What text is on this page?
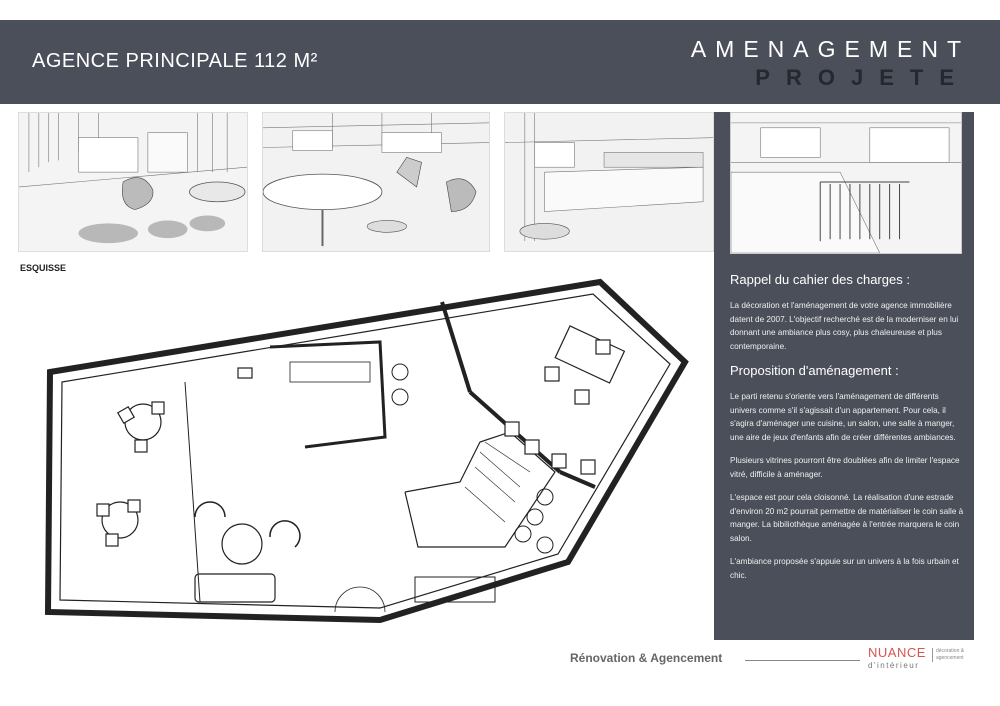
AGENCE PRINCIPALE 112 M²	AMENAGEMENT
PROJETE
ESQUISSE
Rappel du cahier des charges :
La décoration et l'aménagement de votre agence immobilière datent de 2007. L'objectif recherché est de la moderniser en lui donnant une ambiance plus cosy, plus chaleureuse et plus contemporaine.
Proposition d'aménagement :
Le parti retenu s'oriente vers l'aménagement de différents univers comme s'il s'agissait d'un appartement. Pour cela, il s'agira d'aménager une cuisine, un salon, une salle à manger, une aire de jeux d'enfants afin de créer différentes ambiances.
Plusieurs vitrines pourront être doublées afin de limiter l'espace vitré, difficile à aménager.
L'espace est pour cela cloisonné. La réalisation d'une estrade d'environ 20 m2 pourrait permettre de matérialiser le coin salle à manger. La bibiliothèque aménagée à l'entrée marquera le coin salon.
L'ambiance proposée s'appuie sur un univers à la fois urbain et chic.
Rénovation & Agencement	NUANCE
d'intérieur
décoration & agencement
